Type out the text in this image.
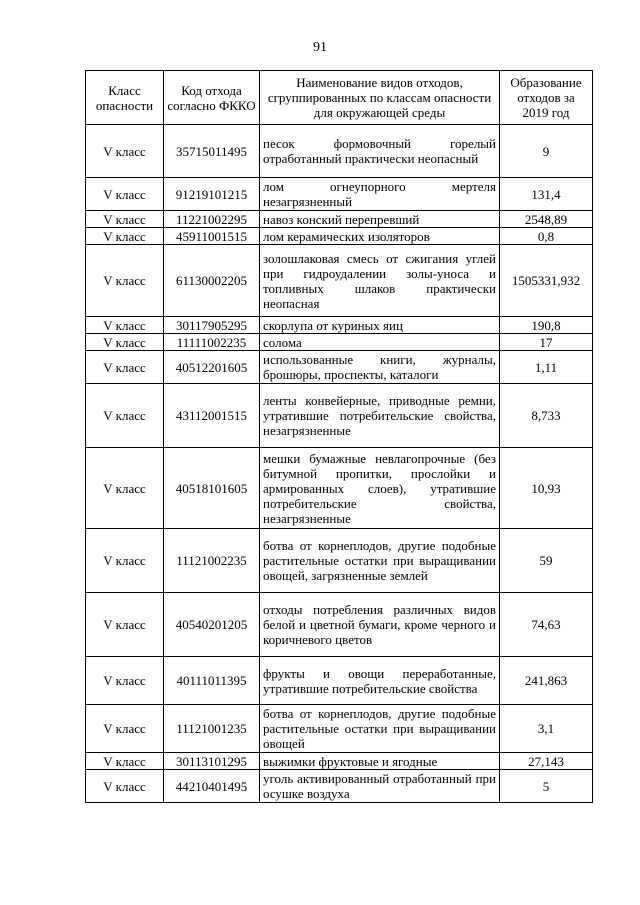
91
Класс опасности	Код отхода согласно ФККО	Наименование видов отходов, сгруппированных по классам опасности для окружающей среды	Образование отходов за 2019 год
V класс	35715011495	песок формовочный горелый отработанный практически неопасный	9
V класс	91219101215	лом огнеупорного мертеля незагрязненный	131,4
V класс	11221002295	навоз конский перепревший	2548,89
V класс	45911001515	лом керамических изоляторов	0,8
V класс	61130002205	золошлаковая смесь от сжигания углей при гидроудалении золы-уноса и топливных шлаков практически неопасная	1505331,932
V класс	30117905295	скорлупа от куриных яиц	190,8
V класс	11111002235	солома	17
V класс	40512201605	использованные книги, журналы, брошюры, проспекты, каталоги	1,11
V класс	43112001515	ленты конвейерные, приводные ремни, утратившие потребительские свойства, незагрязненные	8,733
V класс	40518101605	мешки бумажные невлагопрочные (без битумной пропитки, прослойки и армированных слоев), утратившие потребительские свойства, незагрязненные	10,93
V класс	11121002235	ботва от корнеплодов, другие подобные растительные остатки при выращивании овощей, загрязненные землей	59
V класс	40540201205	отходы потребления различных видов белой и цветной бумаги, кроме черного и коричневого цветов	74,63
V класс	40111011395	фрукты и овощи переработанные, утратившие потребительские свойства	241,863
V класс	11121001235	ботва от корнеплодов, другие подобные растительные остатки при выращивании овощей	3,1
V класс	30113101295	выжимки фруктовые и ягодные	27,143
V класс	44210401495	уголь активированный отработанный при осушке воздуха	5
